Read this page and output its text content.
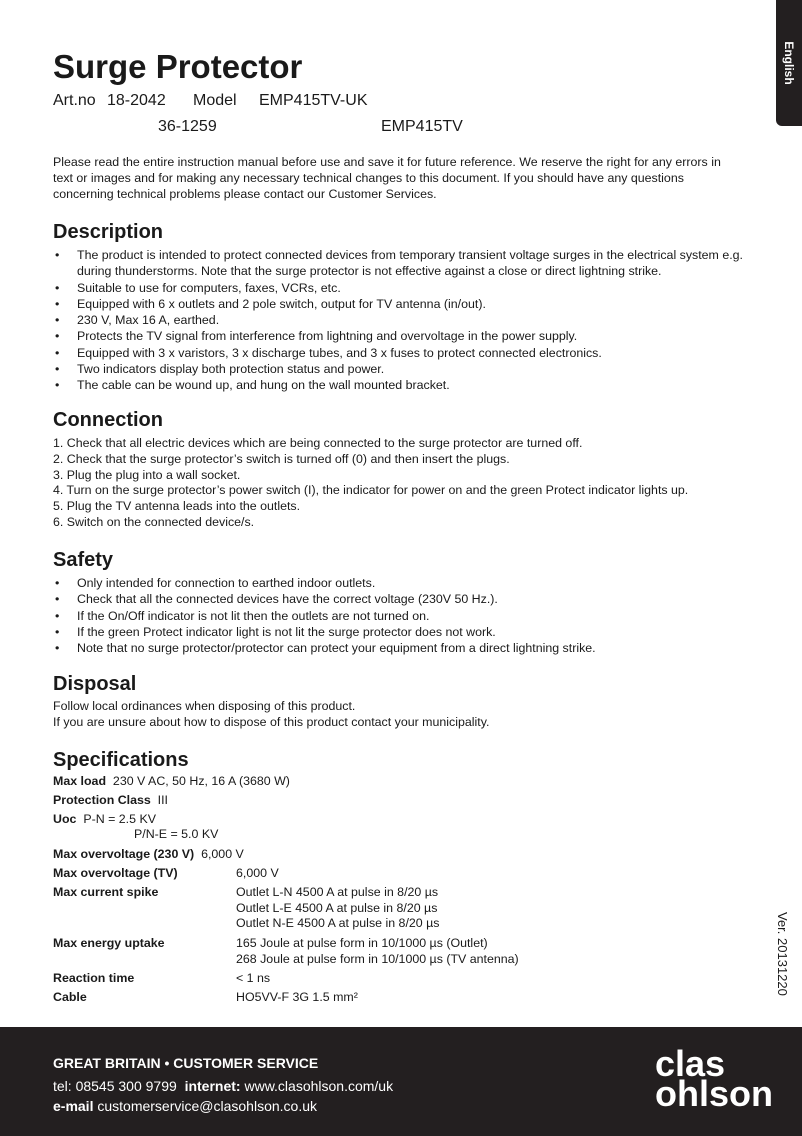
English
Surge Protector
Art.no 18-2042 Model EMP415TV-UK
36-1259	EMP415TV

Please read the entire instruction manual before use and save it for future reference. We reserve the right for any errors in text or images and for making any necessary technical changes to this document. If you should have any questions concerning technical problems please contact our Customer Services.

Description
• The product is intended to protect connected devices from temporary transient voltage surges in the electrical system e.g. during thunderstorms. Note that the surge protector is not effective against a close or direct lightning strike.
• Suitable to use for computers, faxes, VCRs, etc.
• Equipped with 6 x outlets and 2 pole switch, output for TV antenna (in/out).
• 230 V, Max 16 A, earthed.
• Protects the TV signal from interference from lightning and overvoltage in the power supply.
• Equipped with 3 x varistors, 3 x discharge tubes, and 3 x fuses to protect connected electronics.
• Two indicators display both protection status and power.
• The cable can be wound up, and hung on the wall mounted bracket.
Connection
1. Check that all electric devices which are being connected to the surge protector are turned off.
2. Check that the surge protector’s switch is turned off (0) and then insert the plugs.
3. Plug the plug into a wall socket.
4. Turn on the surge protector’s power switch (I), the indicator for power on and the green Protect indicator lights up.
5. Plug the TV antenna leads into the outlets.
6. Switch on the connected device/s.
Safety
• Only intended for connection to earthed indoor outlets.
• Check that all the connected devices have the correct voltage (230V 50 Hz.).
• If the On/Off indicator is not lit then the outlets are not turned on.
• If the green Protect indicator light is not lit the surge protector does not work.
• Note that no surge protector/protector can protect your equipment from a direct lightning strike.
Disposal
Follow local ordinances when disposing of this product.
If you are unsure about how to dispose of this product contact your municipality.
Specifications
Max load 230 V AC, 50 Hz, 16 A (3680 W)
Protection Class III
Uoc P-N = 2.5 KV
P/N-E = 5.0 KV
Max overvoltage (230 V) 6,000 V
Max overvoltage (TV)	6,000 V
Max current spike	Outlet L-N 4500 A at pulse in 8/20 µs
Outlet L-E 4500 A at pulse in 8/20 µs
Outlet N-E 4500 A at pulse in 8/20 µs
Max energy uptake	165 Joule at pulse form in 10/1000 µs (Outlet)
268 Joule at pulse form in 10/1000 µs (TV antenna)
Reaction time	< 1 ns
Cable	HO5VV-F 3G 1.5 mm²
Ver. 20131220
GREAT BRITAIN • CUSTOMER SERVICE
tel: 08545 300 9799 internet: www.clasohlson.com/uk
e-mail customerservice@clasohlson.co.uk
clas
ohlson
